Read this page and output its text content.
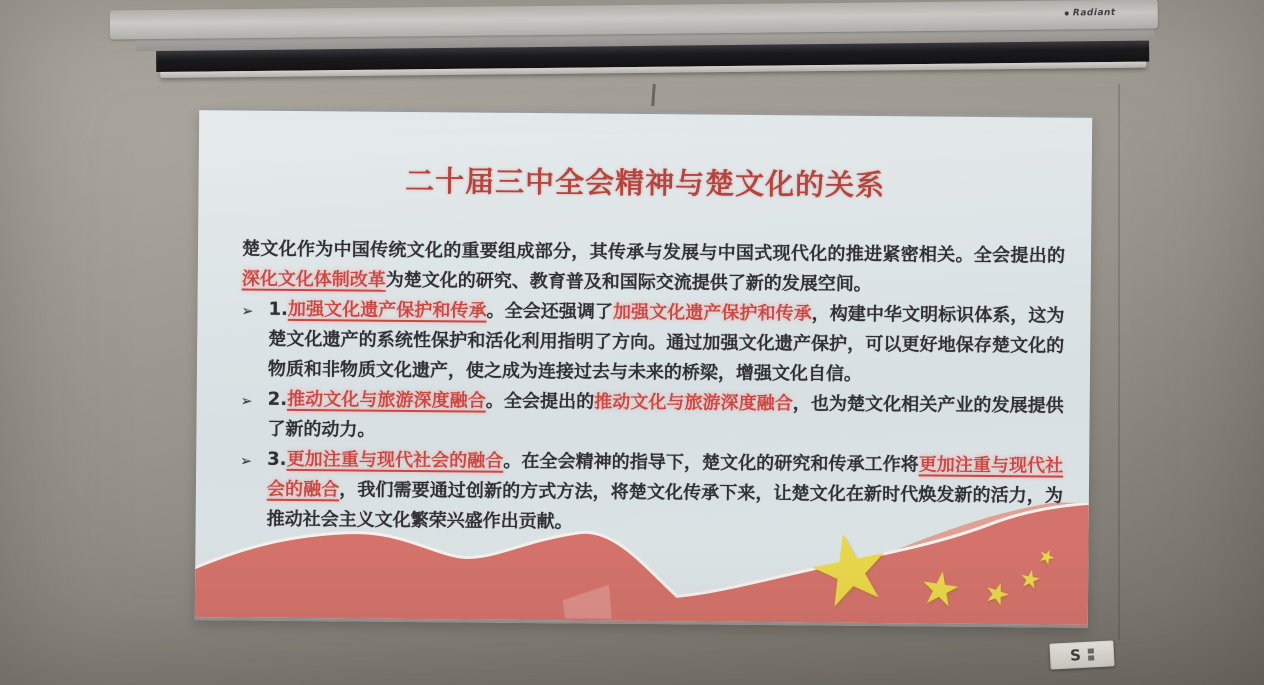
Radiant
二十届三中全会精神与楚文化的关系

楚文化作为中国传统文化的重要组成部分，其传承与发展与中国式现代化的推进紧密相关。全会提出的深化文化体制改革为楚文化的研究、教育普及和国际交流提供了新的发展空间。

➢ 1.加强文化遗产保护和传承。全会还强调了加强文化遗产保护和传承，构建中华文明标识体系，这为楚文化遗产的系统性保护和活化利用指明了方向。通过加强文化遗产保护，可以更好地保存楚文化的物质和非物质文化遗产，使之成为连接过去与未来的桥梁，增强文化自信。
➢ 2.推动文化与旅游深度融合。全会提出的推动文化与旅游深度融合，也为楚文化相关产业的发展提供了新的动力。
➢ 3.更加注重与现代社会的融合。在全会精神的指导下，楚文化的研究和传承工作将更加注重与现代社会的融合，我们需要通过创新的方式方法，将楚文化传承下来，让楚文化在新时代焕发新的活力，为推动社会主义文化繁荣兴盛作出贡献。
★
★
★
★
★
S
